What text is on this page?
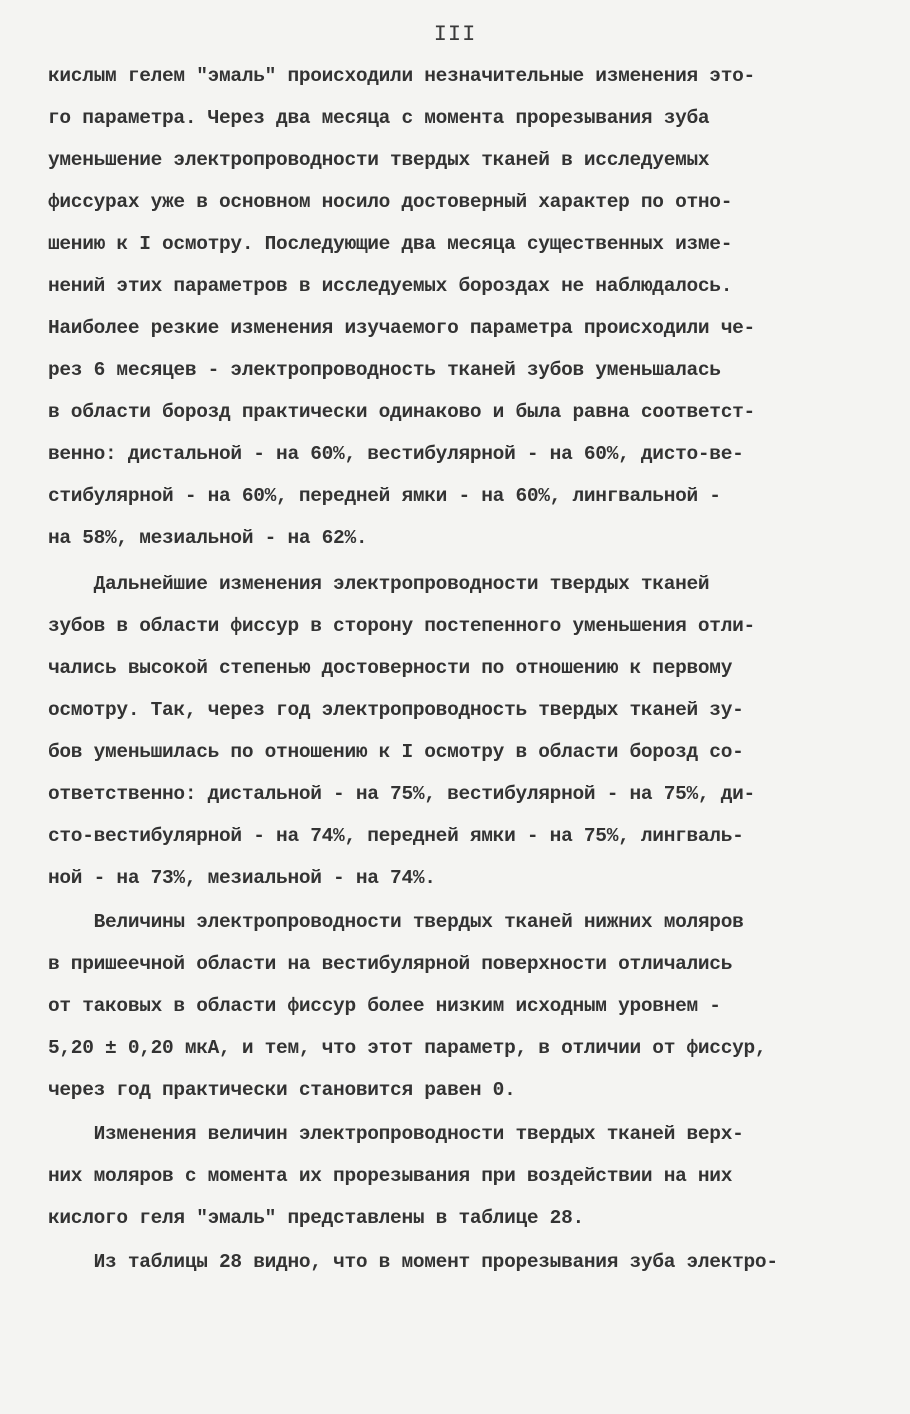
III
кислым гелем "эмаль" происходили незначительные изменения это-
го параметра. Через два месяца с момента прорезывания зуба
уменьшение электропроводности твердых тканей в исследуемых
фиссурах уже в основном носило достоверный характер по отно-
шению к I осмотру. Последующие два месяца существенных изме-
нений этих параметров в исследуемых бороздах не наблюдалось.
Наиболее резкие изменения изучаемого параметра происходили че-
рез 6 месяцев - электропроводность тканей зубов уменьшалась
в области борозд практически одинаково и была равна соответст-
венно: дистальной - на 60%, вестибулярной - на 60%, дисто-ве-
стибулярной - на 60%, передней ямки - на 60%, лингвальной -
на 58%, мезиальной - на 62%.
Дальнейшие изменения электропроводности твердых тканей
зубов в области фиссур в сторону постепенного уменьшения отли-
чались высокой степенью достоверности по отношению к первому
осмотру. Так, через год электропроводность твердых тканей зу-
бов уменьшилась по отношению к I осмотру в области борозд со-
ответственно: дистальной - на 75%, вестибулярной - на 75%, ди-
сто-вестибулярной - на 74%, передней ямки - на 75%, лингваль-
ной - на 73%, мезиальной - на 74%.
Величины электропроводности твердых тканей нижних моляров
в пришеечной области на вестибулярной поверхности отличались
от таковых в области фиссур более низким исходным уровнем -
5,20 ± 0,20 мкА, и тем, что этот параметр, в отличии от фиссур,
через год практически становится равен 0.
Изменения величин электропроводности твердых тканей верх-
них моляров с момента их прорезывания при воздействии на них
кислого геля "эмаль" представлены в таблице 28.
Из таблицы 28 видно, что в момент прорезывания зуба электро-
